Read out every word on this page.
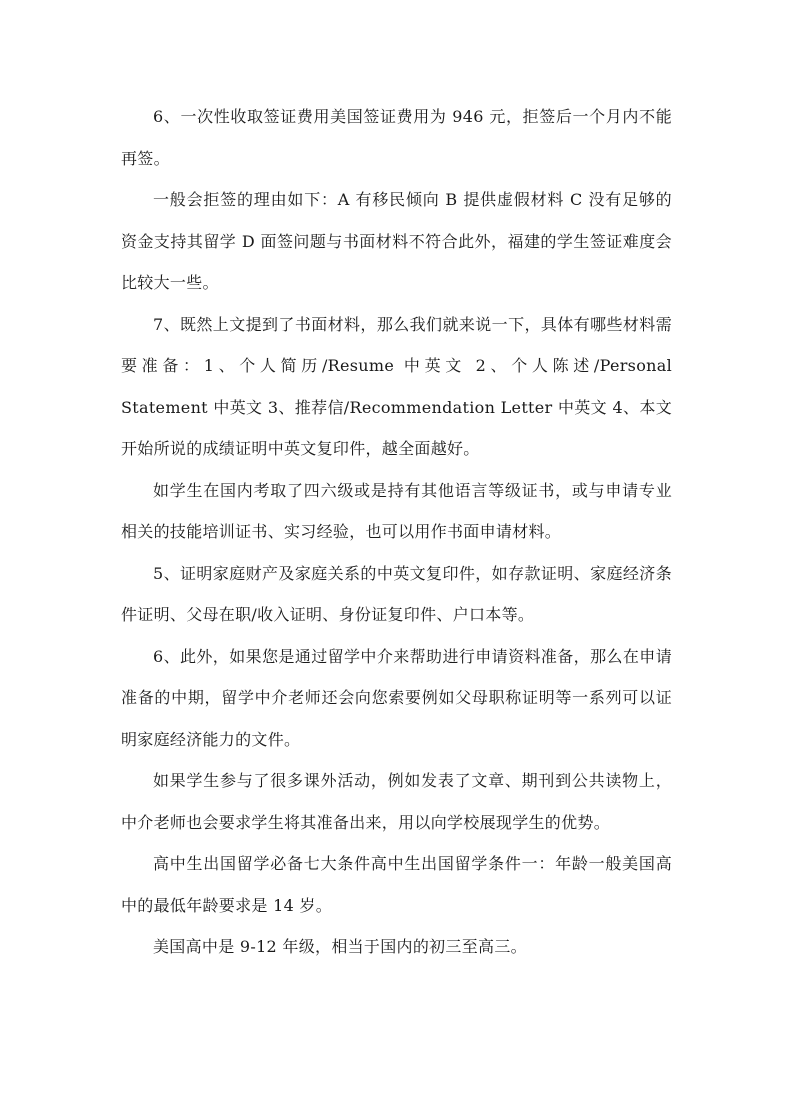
6、一次性收取签证费用美国签证费用为 946 元，拒签后一个月内不能再签。

一般会拒签的理由如下：A 有移民倾向 B 提供虚假材料 C 没有足够的资金支持其留学 D 面签问题与书面材料不符合此外，福建的学生签证难度会比较大一些。

7、既然上文提到了书面材料，那么我们就来说一下，具体有哪些材料需要准备：1、个人简历/Resume 中英文 2、个人陈述/Personal Statement 中英文 3、推荐信/Recommendation Letter 中英文 4、本文开始所说的成绩证明中英文复印件，越全面越好。

如学生在国内考取了四六级或是持有其他语言等级证书，或与申请专业相关的技能培训证书、实习经验，也可以用作书面申请材料。

5、证明家庭财产及家庭关系的中英文复印件，如存款证明、家庭经济条件证明、父母在职/收入证明、身份证复印件、户口本等。

6、此外，如果您是通过留学中介来帮助进行申请资料准备，那么在申请准备的中期，留学中介老师还会向您索要例如父母职称证明等一系列可以证明家庭经济能力的文件。

如果学生参与了很多课外活动，例如发表了文章、期刊到公共读物上，中介老师也会要求学生将其准备出来，用以向学校展现学生的优势。

高中生出国留学必备七大条件高中生出国留学条件一：年龄一般美国高中的最低年龄要求是 14 岁。

美国高中是 9-12 年级，相当于国内的初三至高三。
